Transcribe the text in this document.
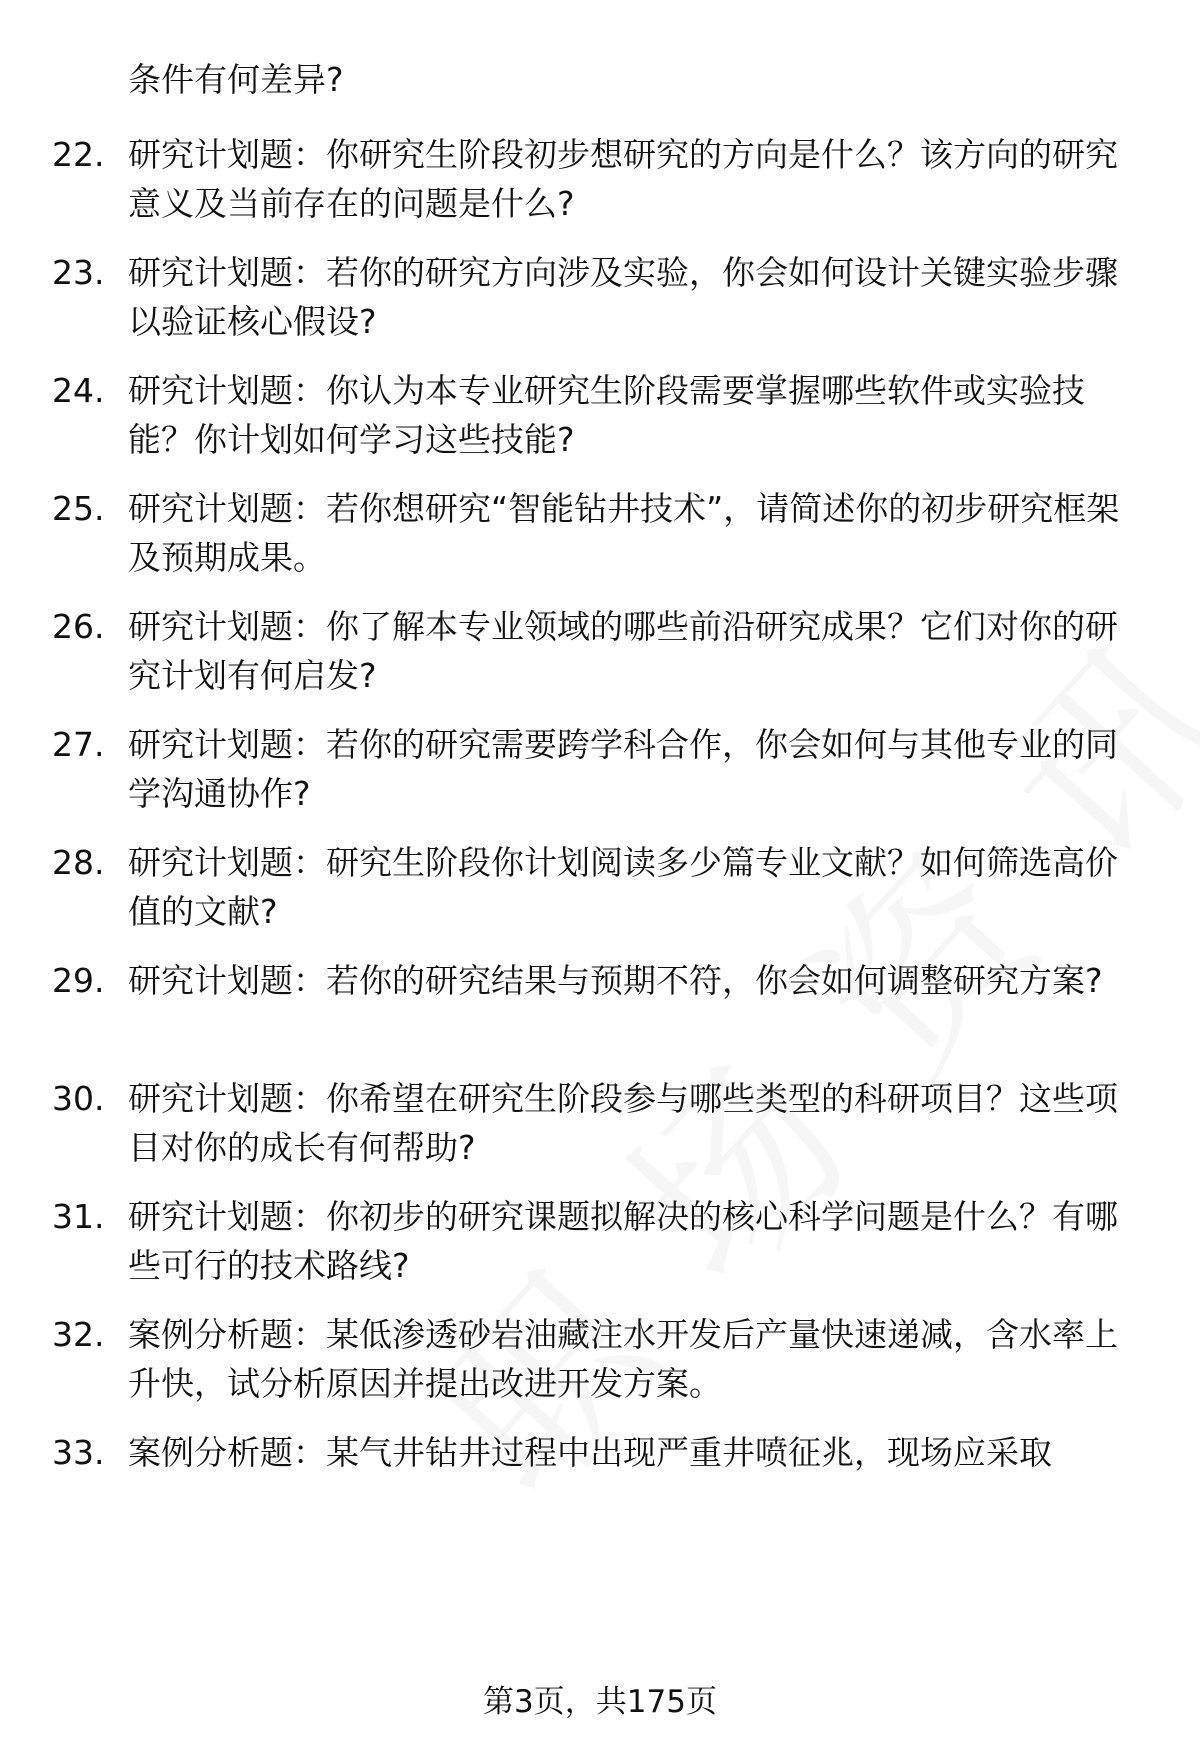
条件有何差异?
22. 研究计划题：你研究生阶段初步想研究的方向是什么？该方向的研究意义及当前存在的问题是什么?
23. 研究计划题：若你的研究方向涉及实验，你会如何设计关键实验步骤以验证核心假设?
24. 研究计划题：你认为本专业研究生阶段需要掌握哪些软件或实验技能？你计划如何学习这些技能?
25. 研究计划题：若你想研究“智能钻井技术”，请简述你的初步研究框架及预期成果。
26. 研究计划题：你了解本专业领域的哪些前沿研究成果？它们对你的研究计划有何启发?
27. 研究计划题：若你的研究需要跨学科合作，你会如何与其他专业的同学沟通协作?
28. 研究计划题：研究生阶段你计划阅读多少篇专业文献？如何筛选高价值的文献?
29. 研究计划题：若你的研究结果与预期不符，你会如何调整研究方案?
30. 研究计划题：你希望在研究生阶段参与哪些类型的科研项目？这些项目对你的成长有何帮助?
31. 研究计划题：你初步的研究课题拟解决的核心科学问题是什么？有哪些可行的技术路线?
32. 案例分析题：某低渗透砂岩油藏注水开发后产量快速递减，含水率上升快，试分析原因并提出改进开发方案。
33. 案例分析题：某气井钻井过程中出现严重井喷征兆，现场应采取
第3页，共175页
